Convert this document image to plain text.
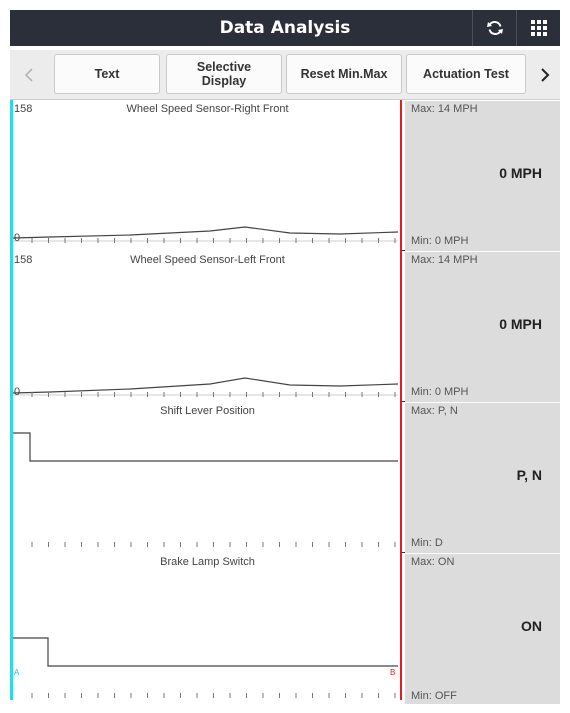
Data Analysis
Text	Selective
Display	Reset Min.Max	Actuation Test
158
0
Wheel Speed Sensor-Right Front	Max: 14 MPH
0 MPH
Min: 0 MPH
158
0
Wheel Speed Sensor-Left Front	Max: 14 MPH
0 MPH
Min: 0 MPH
Shift Lever Position	Max: P, N
P, N
Min: D
A	B
Brake Lamp Switch	Max: ON
ON
Min: OFF
